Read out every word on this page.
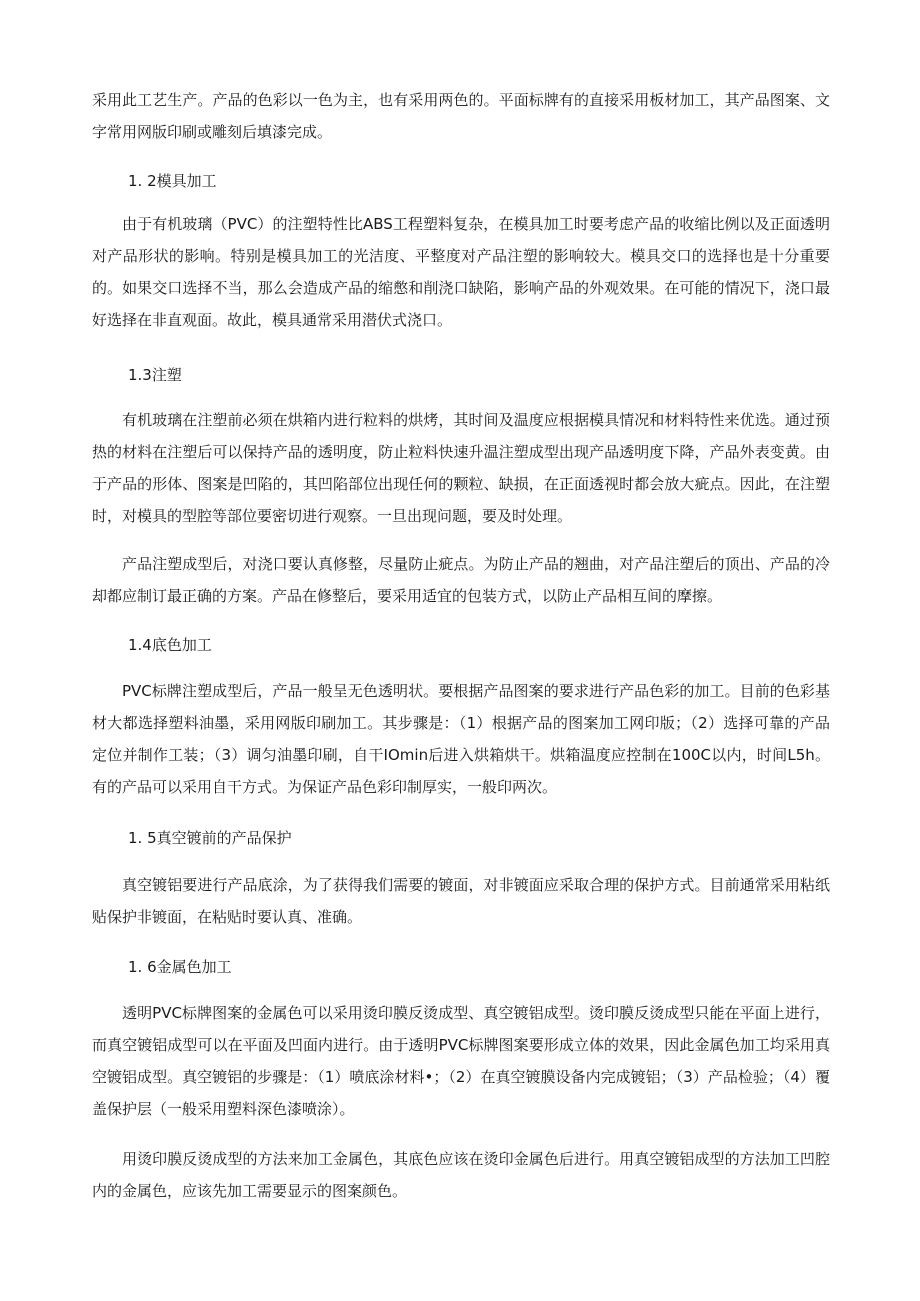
采用此工艺生产。产品的色彩以一色为主，也有采用两色的。平面标牌有的直接采用板材加工，其产品图案、文字常用网版印刷或雕刻后填漆完成。

1. 2模具加工

由于有机玻璃（PVC）的注塑特性比ABS工程塑料复杂，在模具加工时要考虑产品的收缩比例以及正面透明对产品形状的影响。特别是模具加工的光洁度、平整度对产品注塑的影响较大。模具交口的选择也是十分重要的。如果交口选择不当，那么会造成产品的缩憋和削浇口缺陷，影响产品的外观效果。在可能的情况下，浇口最好选择在非直观面。故此，模具通常采用潜伏式浇口。

1.3注塑

有机玻璃在注塑前必须在烘箱内进行粒料的烘烤，其时间及温度应根据模具情况和材料特性来优选。通过预热的材料在注塑后可以保持产品的透明度，防止粒料快速升温注塑成型出现产品透明度下降，产品外表变黄。由于产品的形体、图案是凹陷的，其凹陷部位出现任何的颗粒、缺损，在正面透视时都会放大疵点。因此，在注塑时，对模具的型腔等部位要密切进行观察。一旦出现问题，要及时处理。

产品注塑成型后，对浇口要认真修整，尽量防止疵点。为防止产品的翘曲，对产品注塑后的顶出、产品的冷却都应制订最正确的方案。产品在修整后，要采用适宜的包装方式，以防止产品相互间的摩擦。

1.4底色加工

PVC标牌注塑成型后，产品一般呈无色透明状。要根据产品图案的要求进行产品色彩的加工。目前的色彩基材大都选择塑料油墨，采用网版印刷加工。其步骤是：（1）根据产品的图案加工网印版；（2）选择可靠的产品定位并制作工装；（3）调匀油墨印刷，自干IOmin后进入烘箱烘干。烘箱温度应控制在100C以内，时间L5h。有的产品可以采用自干方式。为保证产品色彩印制厚实，一般印两次。

1. 5真空镀前的产品保护

真空镀铝要进行产品底涂，为了获得我们需要的镀面，对非镀面应采取合理的保护方式。目前通常采用粘纸贴保护非镀面，在粘贴时要认真、准确。

1. 6金属色加工

透明PVC标牌图案的金属色可以采用烫印膜反烫成型、真空镀铝成型。烫印膜反烫成型只能在平面上进行，而真空镀铝成型可以在平面及凹面内进行。由于透明PVC标牌图案要形成立体的效果，因此金属色加工均采用真空镀铝成型。真空镀铝的步骤是：（1）喷底涂材料•；（2）在真空镀膜设备内完成镀铝；（3）产品检验；（4）覆盖保护层（一般采用塑料深色漆喷涂）。

用烫印膜反烫成型的方法来加工金属色，其底色应该在烫印金属色后进行。用真空镀铝成型的方法加工凹腔内的金属色，应该先加工需要显示的图案颜色。
